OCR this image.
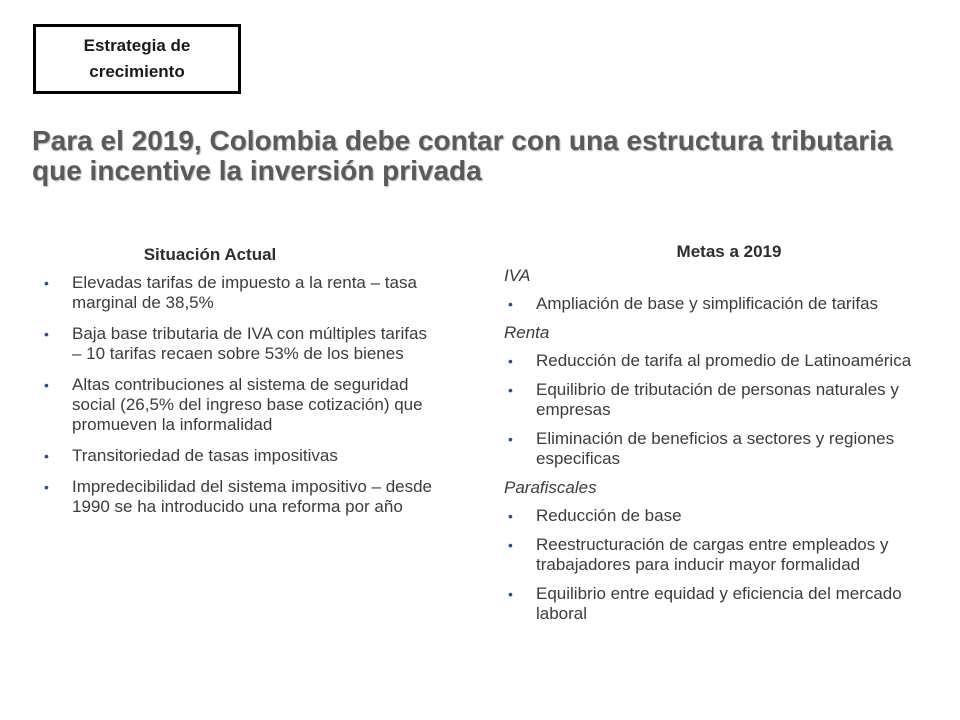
Estrategia de crecimiento
Para el 2019, Colombia debe contar con una estructura tributaria que incentive la inversión privada
Situación Actual
• Elevadas tarifas de impuesto a la renta – tasa marginal de 38,5%
• Baja base tributaria de IVA con múltiples tarifas – 10 tarifas recaen sobre 53% de los bienes
• Altas contribuciones al sistema de seguridad social (26,5% del ingreso base cotización) que promueven la informalidad
• Transitoriedad de tasas impositivas
• Impredecibilidad del sistema impositivo – desde 1990 se ha introducido una reforma por año
Metas a 2019
IVA
• Ampliación de base y simplificación de tarifas
Renta
• Reducción de tarifa al promedio de Latinoamérica
• Equilibrio de tributación de personas naturales y empresas
• Eliminación de beneficios a sectores y regiones especificas
Parafiscales
• Reducción de base
• Reestructuración de cargas entre empleados y trabajadores para inducir mayor formalidad
• Equilibrio entre equidad y eficiencia del mercado laboral
